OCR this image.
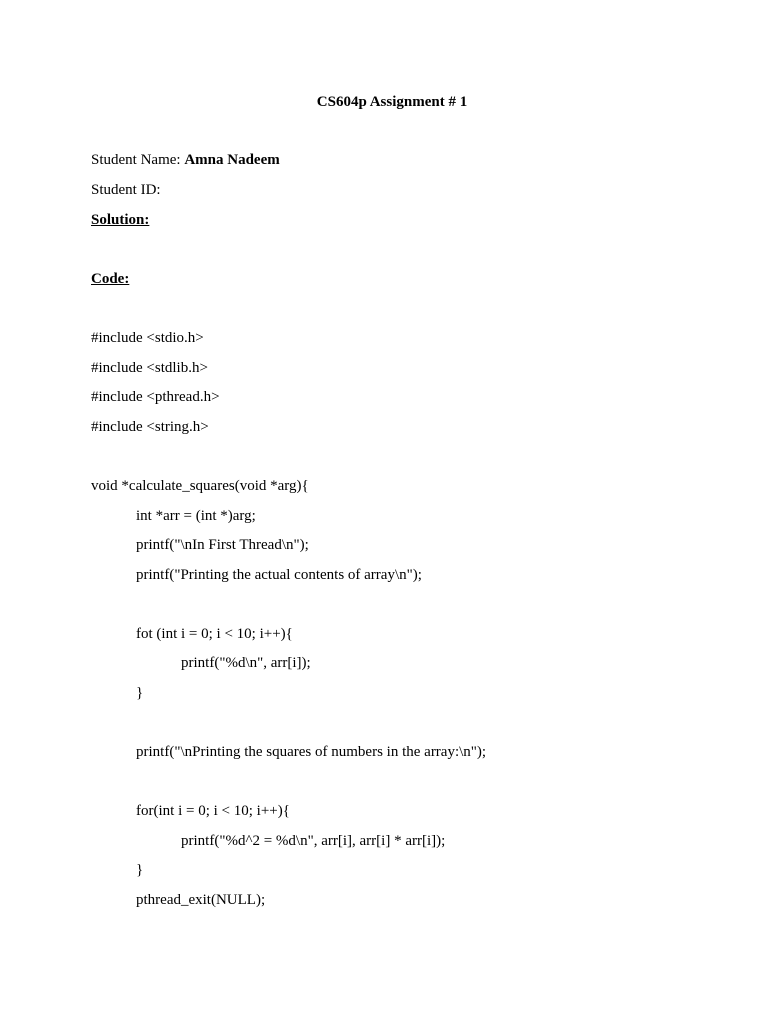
CS604p Assignment # 1
Student Name: Amna Nadeem
Student ID:
Solution:
Code:
#include <stdio.h>
#include <stdlib.h>
#include <pthread.h>
#include <string.h>
void *calculate_squares(void *arg){
int *arr = (int *)arg;
printf("\nIn First Thread\n");
printf("Printing the actual contents of array\n");
fot (int i = 0; i < 10; i++){
printf("%d\n", arr[i]);
}
printf("\nPrinting the squares of numbers in the array:\n");
for(int i = 0; i < 10; i++){
printf("%d^2 = %d\n", arr[i], arr[i] * arr[i]);
}
pthread_exit(NULL);
